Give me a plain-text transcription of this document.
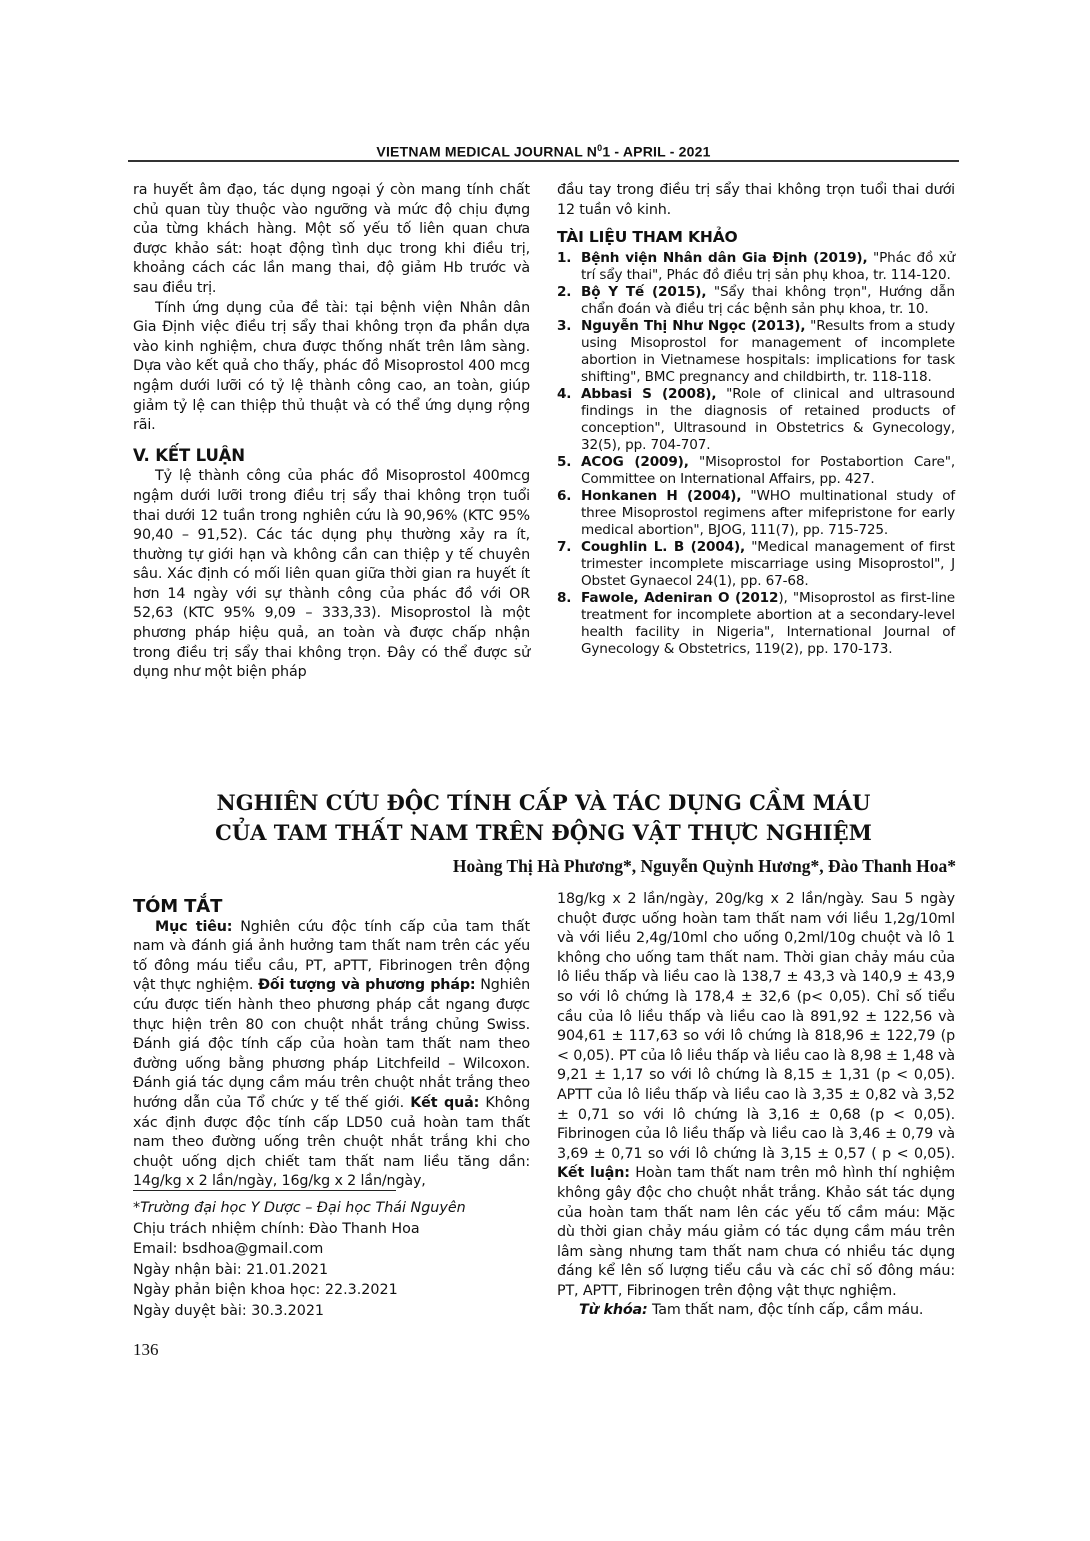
VIETNAM MEDICAL JOURNAL $N^01$ - APRIL - 2021

ra huyết âm đạo, tác dụng ngoại ý còn mang tính chất chủ quan tùy thuộc vào ngưỡng và mức độ chịu đựng của từng khách hàng. Một số yếu tố liên quan chưa được khảo sát: hoạt động tình dục trong khi điều trị, khoảng cách các lần mang thai, độ giảm Hb trước và sau điều trị.

Tính ứng dụng của đề tài: tại bệnh viện Nhân dân Gia Định việc điều trị sẩy thai không trọn đa phần dựa vào kinh nghiệm, chưa được thống nhất trên lâm sàng. Dựa vào kết quả cho thấy, phác đồ Misoprostol 400 mcg ngậm dưới lưỡi có tỷ lệ thành công cao, an toàn, giúp giảm tỷ lệ can thiệp thủ thuật và có thể ứng dụng rộng rãi.

V. KẾT LUẬN

Tỷ lệ thành công của phác đồ Misoprostol 400mcg ngậm dưới lưỡi trong điều trị sẩy thai không trọn tuổi thai dưới 12 tuần trong nghiên cứu là 90,96% (KTC 95% 90,40 – 91,52). Các tác dụng phụ thường xảy ra ít, thường tự giới hạn và không cần can thiệp y tế chuyên sâu. Xác định có mối liên quan giữa thời gian ra huyết ít hơn 14 ngày với sự thành công của phác đồ với OR 52,63 (KTC 95% 9,09 – 333,33). Misoprostol là một phương pháp hiệu quả, an toàn và được chấp nhận trong điều trị sẩy thai không trọn. Đây có thể được sử dụng như một biện pháp

đầu tay trong điều trị sẩy thai không trọn tuổi thai dưới 12 tuần vô kinh.

TÀI LIỆU THAM KHẢO
1. Bệnh viện Nhân dân Gia Định (2019), "Phác đồ xử trí sẩy thai", Phác đồ điều trị sản phụ khoa, tr. 114-120.
2. Bộ Y Tế (2015), "Sẩy thai không trọn", Hướng dẫn chẩn đoán và điều trị các bệnh sản phụ khoa, tr. 10.
3. Nguyễn Thị Như Ngọc (2013), "Results from a study using Misoprostol for management of incomplete abortion in Vietnamese hospitals: implications for task shifting", BMC pregnancy and childbirth, tr. 118-118.
4. Abbasi S (2008), "Role of clinical and ultrasound findings in the diagnosis of retained products of conception", Ultrasound in Obstetrics & Gynecology, 32(5), pp. 704-707.
5. ACOG (2009), "Misoprostol for Postabortion Care", Committee on International Affairs, pp. 427.
6. Honkanen H (2004), "WHO multinational study of three Misoprostol regimens after mifepristone for early medical abortion", BJOG, 111(7), pp. 715-725.
7. Coughlin L. B (2004), "Medical management of first trimester incomplete miscarriage using Misoprostol", J Obstet Gynaecol 24(1), pp. 67-68.
8. Fawole, Adeniran O (2012), "Misoprostol as first-line treatment for incomplete abortion at a secondary-level health facility in Nigeria", International Journal of Gynecology & Obstetrics, 119(2), pp. 170-173.
NGHIÊN CỨU ĐỘC TÍNH CẤP VÀ TÁC DỤNG CẦM MÁU
CỦA TAM THẤT NAM TRÊN ĐỘNG VẬT THỰC NGHIỆM
Hoàng Thị Hà Phương*, Nguyễn Quỳnh Hương*, Đào Thanh Hoa*
TÓM TẮT

Mục tiêu: Nghiên cứu độc tính cấp của tam thất nam và đánh giá ảnh hưởng tam thất nam trên các yếu tố đông máu tiểu cầu, PT, aPTT, Fibrinogen trên động vật thực nghiệm. Đối tượng và phương pháp: Nghiên cứu được tiến hành theo phương pháp cắt ngang được thực hiện trên 80 con chuột nhắt trắng chủng Swiss. Đánh giá độc tính cấp của hoàn tam thất nam theo đường uống bằng phương pháp Litchfeild – Wilcoxon. Đánh giá tác dụng cầm máu trên chuột nhắt trắng theo hướng dẫn của Tổ chức y tế thế giới. Kết quả: Không xác định được độc tính cấp LD50 cuả hoàn tam thất nam theo đường uống trên chuột nhắt trắng khi cho chuột uống dịch chiết tam thất nam liều tăng dần: 14g/kg x 2 lần/ngày, 16g/kg x 2 lần/ngày,

18g/kg x 2 lần/ngày, 20g/kg x 2 lần/ngày. Sau 5 ngày chuột được uống hoàn tam thất nam với liều 1,2g/10ml và với liều 2,4g/10ml cho uống 0,2ml/10g chuột và lô 1 không cho uống tam thất nam. Thời gian chảy máu của lô liều thấp và liều cao là 138,7 ± 43,3 và 140,9 ± 43,9 so với lô chứng là 178,4 ± 32,6 (p< 0,05). Chỉ số tiểu cầu của lô liều thấp và liều cao là 891,92 ± 122,56 và 904,61 ± 117,63 so với lô chứng là 818,96 ± 122,79 (p < 0,05). PT của lô liều thấp và liều cao là 8,98 ± 1,48 và 9,21 ± 1,17 so với lô chứng là 8,15 ± 1,31 (p < 0,05). APTT của lô liều thấp và liều cao là 3,35 ± 0,82 và 3,52 ± 0,71 so với lô chứng là 3,16 ± 0,68 (p < 0,05). Fibrinogen của lô liều thấp và liều cao là 3,46 ± 0,79 và 3,69 ± 0,71 so với lô chứng là 3,15 ± 0,57 ( p < 0,05). Kết luận: Hoàn tam thất nam trên mô hình thí nghiệm không gây độc cho chuột nhắt trắng. Khảo sát tác dụng của hoàn tam thất nam lên các yếu tố cầm máu: Mặc dù thời gian chảy máu giảm có tác dụng cầm máu trên lâm sàng nhưng tam thất nam chưa có nhiều tác dụng đáng kể lên số lượng tiểu cầu và các chỉ số đông máu: PT, APTT, Fibrinogen trên động vật thực nghiệm.

Từ khóa: Tam thất nam, độc tính cấp, cầm máu.

*Trường đại học Y Dược – Đại học Thái Nguyên
Chịu trách nhiệm chính: Đào Thanh Hoa
Email: bsdhoa@gmail.com
Ngày nhận bài: 21.01.2021
Ngày phản biện khoa học: 22.3.2021
Ngày duyệt bài: 30.3.2021
136
